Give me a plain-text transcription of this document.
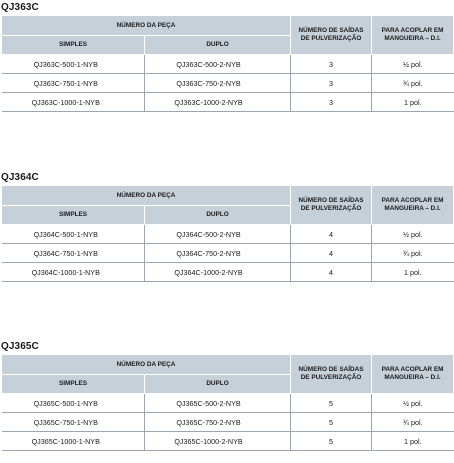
QJ363C
NÚMERO DA PEÇA		NÚMERO DE SAÍDAS
DE PULVERIZAÇÃO	PARA ACOPLAR EM
MANGUEIRA – D.I.
SIMPLES	DUPLO		
QJ363C-500-1-NYB	QJ363C-500-2-NYB	3	½ pol.
QJ363C-750-1-NYB	QJ363C-750-2-NYB	3	¾ pol.
QJ363C-1000-1-NYB	QJ363C-1000-2-NYB	3	1 pol.
QJ364C
NÚMERO DA PEÇA		NÚMERO DE SAÍDAS
DE PULVERIZAÇÃO	PARA ACOPLAR EM
MANGUEIRA – D.I.
SIMPLES	DUPLO		
QJ364C-500-1-NYB	QJ364C-500-2-NYB	4	½ pol.
QJ364C-750-1-NYB	QJ364C-750-2-NYB	4	¾ pol.
QJ364C-1000-1-NYB	QJ364C-1000-2-NYB	4	1 pol.
QJ365C
NÚMERO DA PEÇA		NÚMERO DE SAÍDAS
DE PULVERIZAÇÃO	PARA ACOPLAR EM
MANGUEIRA – D.I.
SIMPLES	DUPLO		
QJ365C-500-1-NYB	QJ365C-500-2-NYB	5	½ pol.
QJ365C-750-1-NYB	QJ365C-750-2-NYB	5	¾ pol.
QJ365C-1000-1-NYB	QJ365C-1000-2-NYB	5	1 pol.
